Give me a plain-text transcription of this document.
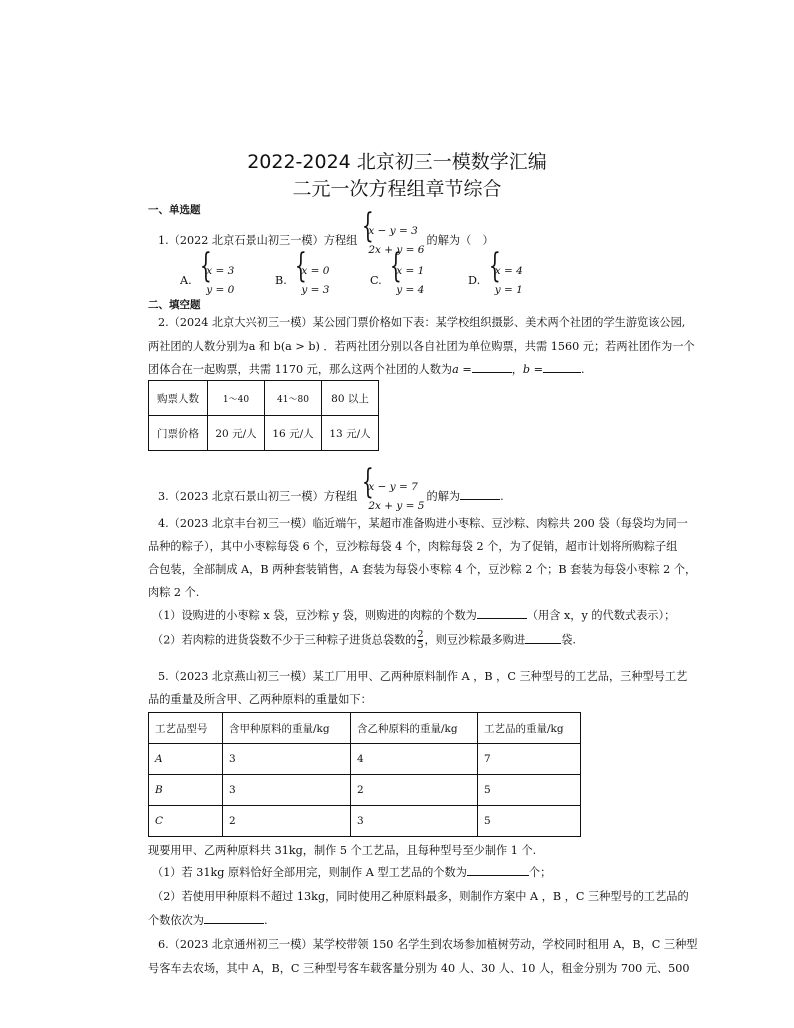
2022-2024 北京初三一模数学汇编
二元一次方程组章节综合
一、单选题
1.（2022 北京石景山初三一模）方程组{ x − y = 3
2x + y = 6的解为（　）
A. { x = 3
y = 0
B. { x = 0
y = 3
C. { x = 1
y = 4
D. { x = 4
y = 1
二、填空题
2.（2024 北京大兴初三一模）某公园门票价格如下表：某学校组织摄影、美术两个社团的学生游览该公园,
两社团的人数分别为a 和 b(a > b) ．若两社团分别以各自社团为单位购票，共需 1560 元；若两社团作为一个
团体合在一起购票，共需 1170 元，那么这两个社团的人数为a =	，b =	.
购票人数	1～40	41～80	80 以上
门票价格	20 元/人	16 元/人	13 元/人
3.（2023 北京石景山初三一模）方程组{ x − y = 7
2x + y = 5的解为	.
4.（2023 北京丰台初三一模）临近端午，某超市准备购进小枣粽、豆沙粽、肉粽共 200 袋（每袋均为同一
品种的粽子），其中小枣粽每袋 6 个，豆沙粽每袋 4 个，肉粽每袋 2 个，为了促销，超市计划将所购粽子组
合包装，全部制成 A，B 两种套装销售，A 套装为每袋小枣粽 4 个，豆沙粽 2 个；B 套装为每袋小枣粽 2 个，
肉粽 2 个.
（1）设购进的小枣粽 x 袋，豆沙粽 y 袋，则购进的肉粽的个数为	（用含 x，y 的代数式表示）；
（2）若肉粽的进货袋数不少于三种粽子进货总袋数的 $\frac{2}{5}$ ，则豆沙粽最多购进	袋.
5.（2023 北京燕山初三一模）某工厂用甲、乙两种原料制作 A ，B ，C 三种型号的工艺品，三种型号工艺
品的重量及所含甲、乙两种原料的重量如下：
工艺品型号	含甲种原料的重量/kg	含乙种原料的重量/kg	工艺品的重量/kg
A	3	4	7
B	3	2	5
C	2	3	5
现要用甲、乙两种原料共 31kg，制作 5 个工艺品，且每种型号至少制作 1 个.
（1）若 31kg 原料恰好全部用完，则制作 A 型工艺品的个数为	个；
（2）若使用甲种原料不超过 13kg，同时使用乙种原料最多，则制作方案中 A ，B ，C 三种型号的工艺品的
个数依次为	.
6.（2023 北京通州初三一模）某学校带领 150 名学生到农场参加植树劳动，学校同时租用 A，B，C 三种型
号客车去农场，其中 A，B，C 三种型号客车载客量分别为 40 人、30 人、10 人，租金分别为 700 元、500
